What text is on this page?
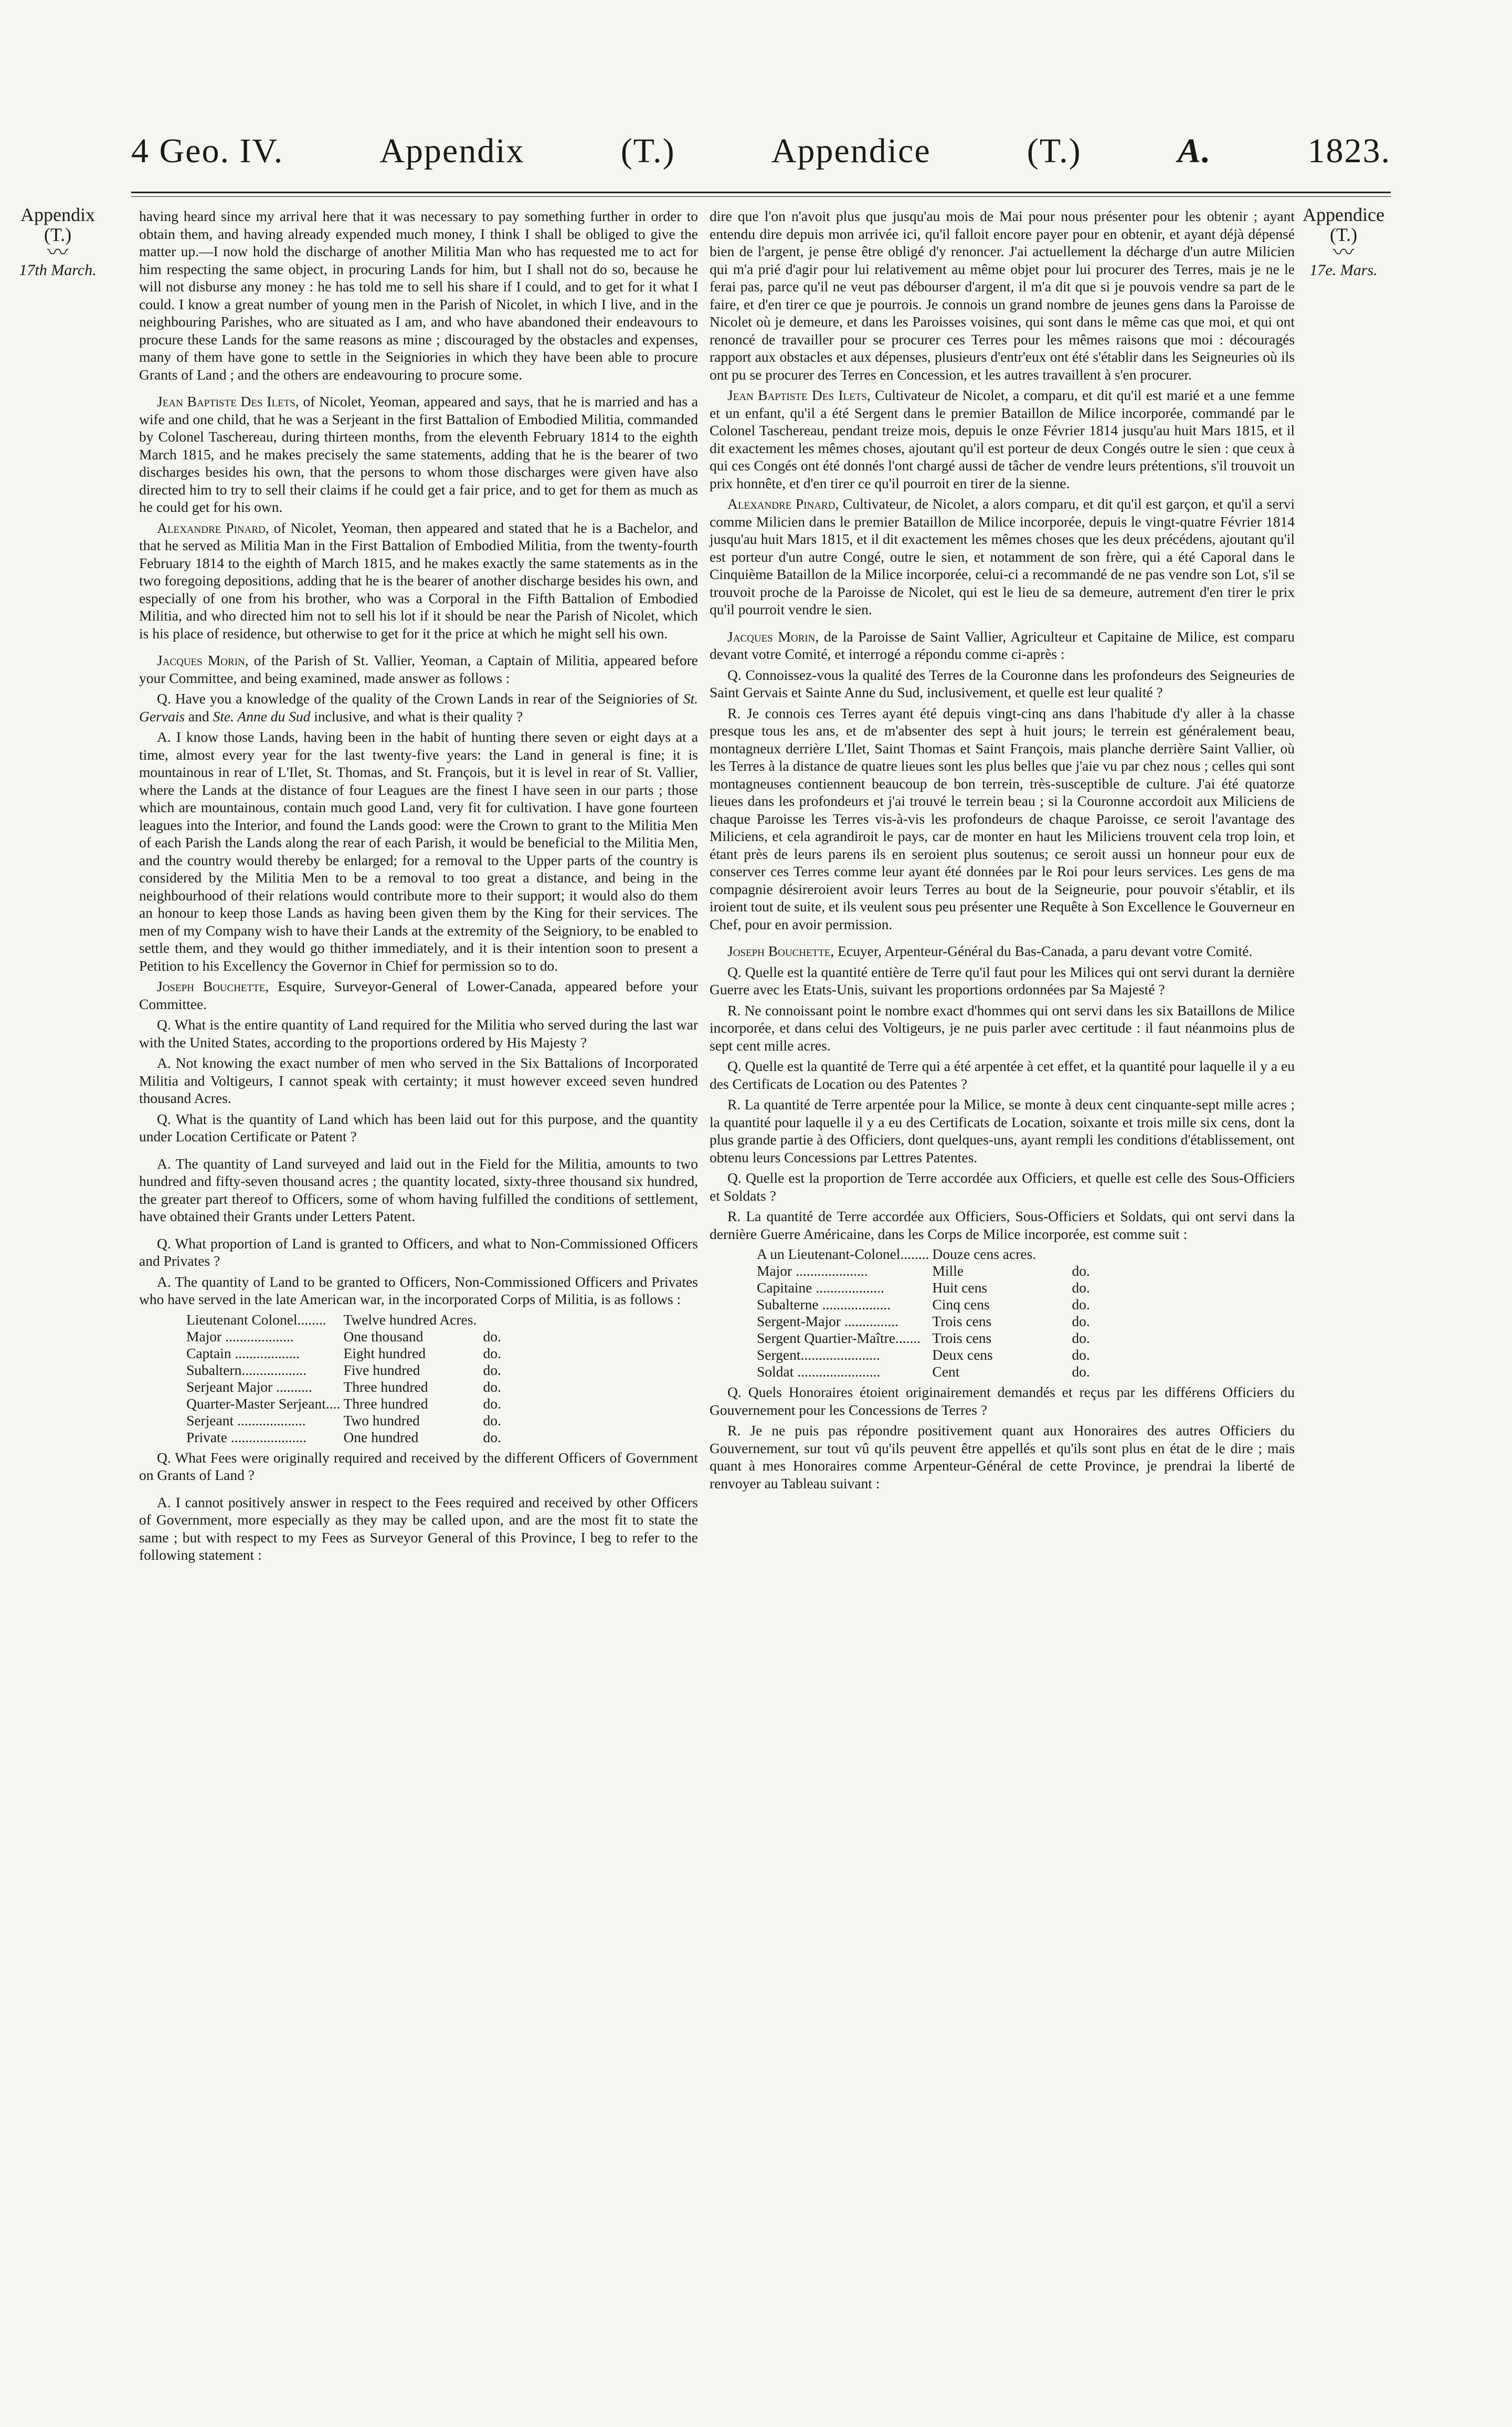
4 Geo. IV.	Appendix	(T.)	Appendice	(T.)	A.	1823.
Appendix
(T.)
〰
17th March.
Appendice
(T.)
〰
17e. Mars.

having heard since my arrival here that it was necessary to pay something further in order to obtain them, and having already expended much money, I think I shall be obliged to give the matter up.—I now hold the discharge of another Militia Man who has requested me to act for him respecting the same object, in procuring Lands for him, but I shall not do so, because he will not disburse any money : he has told me to sell his share if I could, and to get for it what I could. I know a great number of young men in the Parish of Nicolet, in which I live, and in the neighbouring Parishes, who are situated as I am, and who have abandoned their endeavours to procure these Lands for the same reasons as mine ; discouraged by the obstacles and expenses, many of them have gone to settle in the Seigniories in which they have been able to procure Grants of Land ; and the others are endeavouring to procure some.

Jean Baptiste Des Ilets, of Nicolet, Yeoman, appeared and says, that he is married and has a wife and one child, that he was a Serjeant in the first Battalion of Embodied Militia, commanded by Colonel Taschereau, during thirteen months, from the eleventh February 1814 to the eighth March 1815, and he makes precisely the same statements, adding that he is the bearer of two discharges besides his own, that the persons to whom those discharges were given have also directed him to try to sell their claims if he could get a fair price, and to get for them as much as he could get for his own.

Alexandre Pinard, of Nicolet, Yeoman, then appeared and stated that he is a Bachelor, and that he served as Militia Man in the First Battalion of Embodied Militia, from the twenty-fourth February 1814 to the eighth of March 1815, and he makes exactly the same statements as in the two foregoing depositions, adding that he is the bearer of another discharge besides his own, and especially of one from his brother, who was a Corporal in the Fifth Battalion of Embodied Militia, and who directed him not to sell his lot if it should be near the Parish of Nicolet, which is his place of residence, but otherwise to get for it the price at which he might sell his own.

Jacques Morin, of the Parish of St. Vallier, Yeoman, a Captain of Militia, appeared before your Committee, and being examined, made answer as follows :

Q. Have you a knowledge of the quality of the Crown Lands in rear of the Seigniories of St. Gervais and Ste. Anne du Sud inclusive, and what is their quality ?

A. I know those Lands, having been in the habit of hunting there seven or eight days at a time, almost every year for the last twenty-five years: the Land in general is fine; it is mountainous in rear of L'Ilet, St. Thomas, and St. François, but it is level in rear of St. Vallier, where the Lands at the distance of four Leagues are the finest I have seen in our parts ; those which are mountainous, contain much good Land, very fit for cultivation. I have gone fourteen leagues into the Interior, and found the Lands good: were the Crown to grant to the Militia Men of each Parish the Lands along the rear of each Parish, it would be beneficial to the Militia Men, and the country would thereby be enlarged; for a removal to the Upper parts of the country is considered by the Militia Men to be a removal to too great a distance, and being in the neighbourhood of their relations would contribute more to their support; it would also do them an honour to keep those Lands as having been given them by the King for their services. The men of my Company wish to have their Lands at the extremity of the Seigniory, to be enabled to settle them, and they would go thither immediately, and it is their intention soon to present a Petition to his Excellency the Governor in Chief for permission so to do.

Joseph Bouchette, Esquire, Surveyor-General of Lower-Canada, appeared before your Committee.

Q. What is the entire quantity of Land required for the Militia who served during the last war with the United States, according to the proportions ordered by His Majesty ?

A. Not knowing the exact number of men who served in the Six Battalions of Incorporated Militia and Voltigeurs, I cannot speak with certainty; it must however exceed seven hundred thousand Acres.

Q. What is the quantity of Land which has been laid out for this purpose, and the quantity under Location Certificate or Patent ?

A. The quantity of Land surveyed and laid out in the Field for the Militia, amounts to two hundred and fifty-seven thousand acres ; the quantity located, sixty-three thousand six hundred, the greater part thereof to Officers, some of whom having fulfilled the conditions of settlement, have obtained their Grants under Letters Patent.

Q. What proportion of Land is granted to Officers, and what to Non-Commissioned Officers and Privates ?

A. The quantity of Land to be granted to Officers, Non-Commissioned Officers and Privates who have served in the late American war, in the incorporated Corps of Militia, is as follows :

Lieutenant Colonel........	Twelve hundred Acres.	
Major ...................	One thousand	do.
Captain ..................	Eight hundred	do.
Subaltern..................	Five hundred	do.
Serjeant Major ..........	Three hundred	do.
Quarter-Master Serjeant....	Three hundred	do.
Serjeant ...................	Two hundred	do.
Private .....................	One hundred	do.

Q. What Fees were originally required and received by the different Officers of Government on Grants of Land ?

A. I cannot positively answer in respect to the Fees required and received by other Officers of Government, more especially as they may be called upon, and are the most fit to state the same ; but with respect to my Fees as Surveyor General of this Province, I beg to refer to the following statement :

dire que l'on n'avoit plus que jusqu'au mois de Mai pour nous présenter pour les obtenir ; ayant entendu dire depuis mon arrivée ici, qu'il falloit encore payer pour en obtenir, et ayant déjà dépensé bien de l'argent, je pense être obligé d'y renoncer. J'ai actuellement la décharge d'un autre Milicien qui m'a prié d'agir pour lui relativement au même objet pour lui procurer des Terres, mais je ne le ferai pas, parce qu'il ne veut pas débourser d'argent, il m'a dit que si je pouvois vendre sa part de le faire, et d'en tirer ce que je pourrois. Je connois un grand nombre de jeunes gens dans la Paroisse de Nicolet où je demeure, et dans les Paroisses voisines, qui sont dans le même cas que moi, et qui ont renoncé de travailler pour se procurer ces Terres pour les mêmes raisons que moi : découragés rapport aux obstacles et aux dépenses, plusieurs d'entr'eux ont été s'établir dans les Seigneuries où ils ont pu se procurer des Terres en Concession, et les autres travaillent à s'en procurer.

Jean Baptiste Des Ilets, Cultivateur de Nicolet, a comparu, et dit qu'il est marié et a une femme et un enfant, qu'il a été Sergent dans le premier Bataillon de Milice incorporée, commandé par le Colonel Taschereau, pendant treize mois, depuis le onze Février 1814 jusqu'au huit Mars 1815, et il dit exactement les mêmes choses, ajoutant qu'il est porteur de deux Congés outre le sien : que ceux à qui ces Congés ont été donnés l'ont chargé aussi de tâcher de vendre leurs prétentions, s'il trouvoit un prix honnête, et d'en tirer ce qu'il pourroit en tirer de la sienne.

Alexandre Pinard, Cultivateur, de Nicolet, a alors comparu, et dit qu'il est garçon, et qu'il a servi comme Milicien dans le premier Bataillon de Milice incorporée, depuis le vingt-quatre Février 1814 jusqu'au huit Mars 1815, et il dit exactement les mêmes choses que les deux précédens, ajoutant qu'il est porteur d'un autre Congé, outre le sien, et notamment de son frère, qui a été Caporal dans le Cinquième Bataillon de la Milice incorporée, celui-ci a recommandé de ne pas vendre son Lot, s'il se trouvoit proche de la Paroisse de Nicolet, qui est le lieu de sa demeure, autrement d'en tirer le prix qu'il pourroit vendre le sien.

Jacques Morin, de la Paroisse de Saint Vallier, Agriculteur et Capitaine de Milice, est comparu devant votre Comité, et interrogé a répondu comme ci-après :

Q. Connoissez-vous la qualité des Terres de la Couronne dans les profondeurs des Seigneuries de Saint Gervais et Sainte Anne du Sud, inclusivement, et quelle est leur qualité ?

R. Je connois ces Terres ayant été depuis vingt-cinq ans dans l'habitude d'y aller à la chasse presque tous les ans, et de m'absenter des sept à huit jours; le terrein est généralement beau, montagneux derrière L'Ilet, Saint Thomas et Saint François, mais planche derrière Saint Vallier, où les Terres à la distance de quatre lieues sont les plus belles que j'aie vu par chez nous ; celles qui sont montagneuses contiennent beaucoup de bon terrein, très-susceptible de culture. J'ai été quatorze lieues dans les profondeurs et j'ai trouvé le terrein beau ; si la Couronne accordoit aux Miliciens de chaque Paroisse les Terres vis-à-vis les profondeurs de chaque Paroisse, ce seroit l'avantage des Miliciens, et cela agrandiroit le pays, car de monter en haut les Miliciens trouvent cela trop loin, et étant près de leurs parens ils en seroient plus soutenus; ce seroit aussi un honneur pour eux de conserver ces Terres comme leur ayant été données par le Roi pour leurs services. Les gens de ma compagnie désireroient avoir leurs Terres au bout de la Seigneurie, pour pouvoir s'établir, et ils iroient tout de suite, et ils veulent sous peu présenter une Requête à Son Excellence le Gouverneur en Chef, pour en avoir permission.

Joseph Bouchette, Ecuyer, Arpenteur-Général du Bas-Canada, a paru devant votre Comité.

Q. Quelle est la quantité entière de Terre qu'il faut pour les Milices qui ont servi durant la dernière Guerre avec les Etats-Unis, suivant les proportions ordonnées par Sa Majesté ?

R. Ne connoissant point le nombre exact d'hommes qui ont servi dans les six Bataillons de Milice incorporée, et dans celui des Voltigeurs, je ne puis parler avec certitude : il faut néanmoins plus de sept cent mille acres.

Q. Quelle est la quantité de Terre qui a été arpentée à cet effet, et la quantité pour laquelle il y a eu des Certificats de Location ou des Patentes ?

R. La quantité de Terre arpentée pour la Milice, se monte à deux cent cinquante-sept mille acres ; la quantité pour laquelle il y a eu des Certificats de Location, soixante et trois mille six cens, dont la plus grande partie à des Officiers, dont quelques-uns, ayant rempli les conditions d'établissement, ont obtenu leurs Concessions par Lettres Patentes.

Q. Quelle est la proportion de Terre accordée aux Officiers, et quelle est celle des Sous-Officiers et Soldats ?

R. La quantité de Terre accordée aux Officiers, Sous-Officiers et Soldats, qui ont servi dans la dernière Guerre Américaine, dans les Corps de Milice incorporée, est comme suit :

A un Lieutenant-Colonel........	Douze cens acres.	
Major ....................	Mille	do.
Capitaine ...................	Huit cens	do.
Subalterne ...................	Cinq cens	do.
Sergent-Major ...............	Trois cens	do.
Sergent Quartier-Maître.......	Trois cens	do.
Sergent......................	Deux cens	do.
Soldat .......................	Cent	do.

Q. Quels Honoraires étoient originairement demandés et reçus par les différens Officiers du Gouvernement pour les Concessions de Terres ?

R. Je ne puis pas répondre positivement quant aux Honoraires des autres Officiers du Gouvernement, sur tout vû qu'ils peuvent être appellés et qu'ils sont plus en état de le dire ; mais quant à mes Honoraires comme Arpenteur-Général de cette Province, je prendrai la liberté de renvoyer au Tableau suivant :
